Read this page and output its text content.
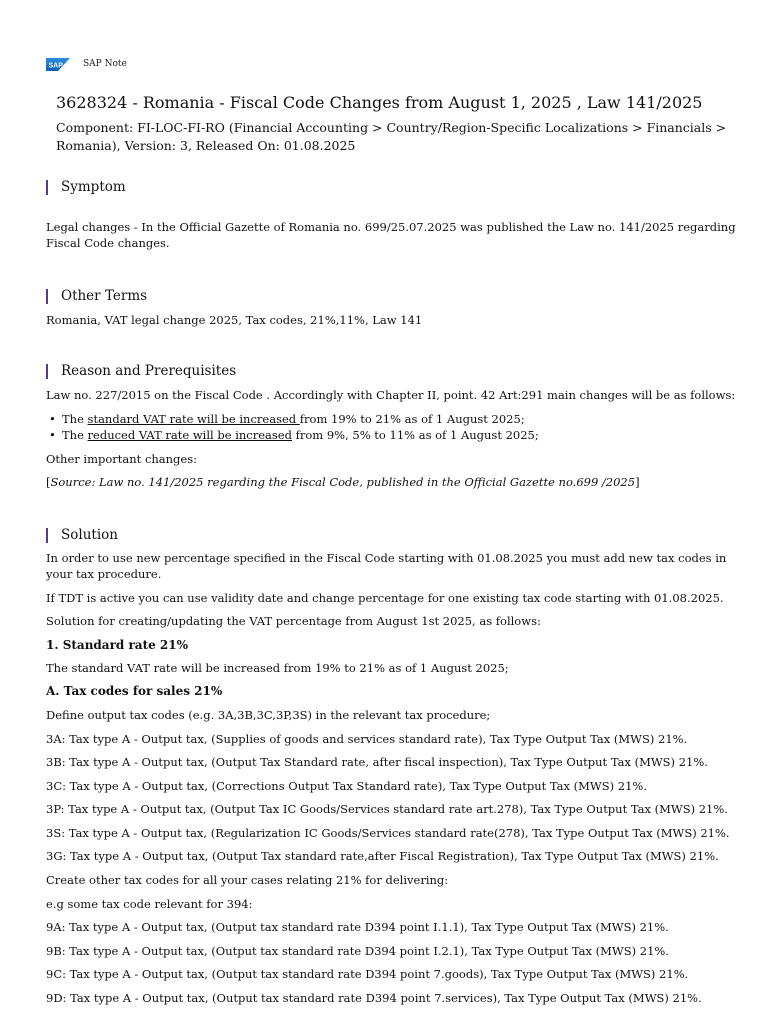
SAP SAP Note
3628324 - Romania - Fiscal Code Changes from August 1, 2025 , Law 141/2025

Component: FI-LOC-FI-RO (Financial Accounting > Country/Region-Specific Localizations > Financials > Romania), Version: 3, Released On: 01.08.2025

Symptom

Legal changes - In the Official Gazette of Romania no. 699/25.07.2025 was published the Law no. 141/2025 regarding Fiscal Code changes.

Other Terms

Romania, VAT legal change 2025, Tax codes, 21%,11%, Law 141

Reason and Prerequisites

Law no. 227/2015 on the Fiscal Code . Accordingly with Chapter II, point. 42 Art:291 main changes will be as follows:

• The standard VAT rate will be increased from 19% to 21% as of 1 August 2025;

• The reduced VAT rate will be increased from 9%, 5% to 11% as of 1 August 2025;

Other important changes:

[Source: Law no. 141/2025 regarding the Fiscal Code, published in the Official Gazette no.699 /2025]

Solution

In order to use new percentage specified in the Fiscal Code starting with 01.08.2025 you must add new tax codes in your tax procedure.

If TDT is active you can use validity date and change percentage for one existing tax code starting with 01.08.2025.

Solution for creating/updating the VAT percentage from August 1st 2025, as follows:

1. Standard rate 21%

The standard VAT rate will be increased from 19% to 21% as of 1 August 2025;

A. Tax codes for sales 21%

Define output tax codes (e.g. 3A,3B,3C,3P,3S) in the relevant tax procedure;

3A: Tax type A - Output tax, (Supplies of goods and services standard rate), Tax Type Output Tax (MWS) 21%.

3B: Tax type A - Output tax, (Output Tax Standard rate, after fiscal inspection), Tax Type Output Tax (MWS) 21%.

3C: Tax type A - Output tax, (Corrections Output Tax Standard rate), Tax Type Output Tax (MWS) 21%.

3P: Tax type A - Output tax, (Output Tax IC Goods/Services standard rate art.278), Tax Type Output Tax (MWS) 21%.

3S: Tax type A - Output tax, (Regularization IC Goods/Services standard rate(278), Tax Type Output Tax (MWS) 21%.

3G: Tax type A - Output tax, (Output Tax standard rate,after Fiscal Registration), Tax Type Output Tax (MWS) 21%.

Create other tax codes for all your cases relating 21% for delivering:

e.g some tax code relevant for 394:

9A: Tax type A - Output tax, (Output tax standard rate D394 point I.1.1), Tax Type Output Tax (MWS) 21%.

9B: Tax type A - Output tax, (Output tax standard rate D394 point I.2.1), Tax Type Output Tax (MWS) 21%.

9C: Tax type A - Output tax, (Output tax standard rate D394 point 7.goods), Tax Type Output Tax (MWS) 21%.

9D: Tax type A - Output tax, (Output tax standard rate D394 point 7.services), Tax Type Output Tax (MWS) 21%.
